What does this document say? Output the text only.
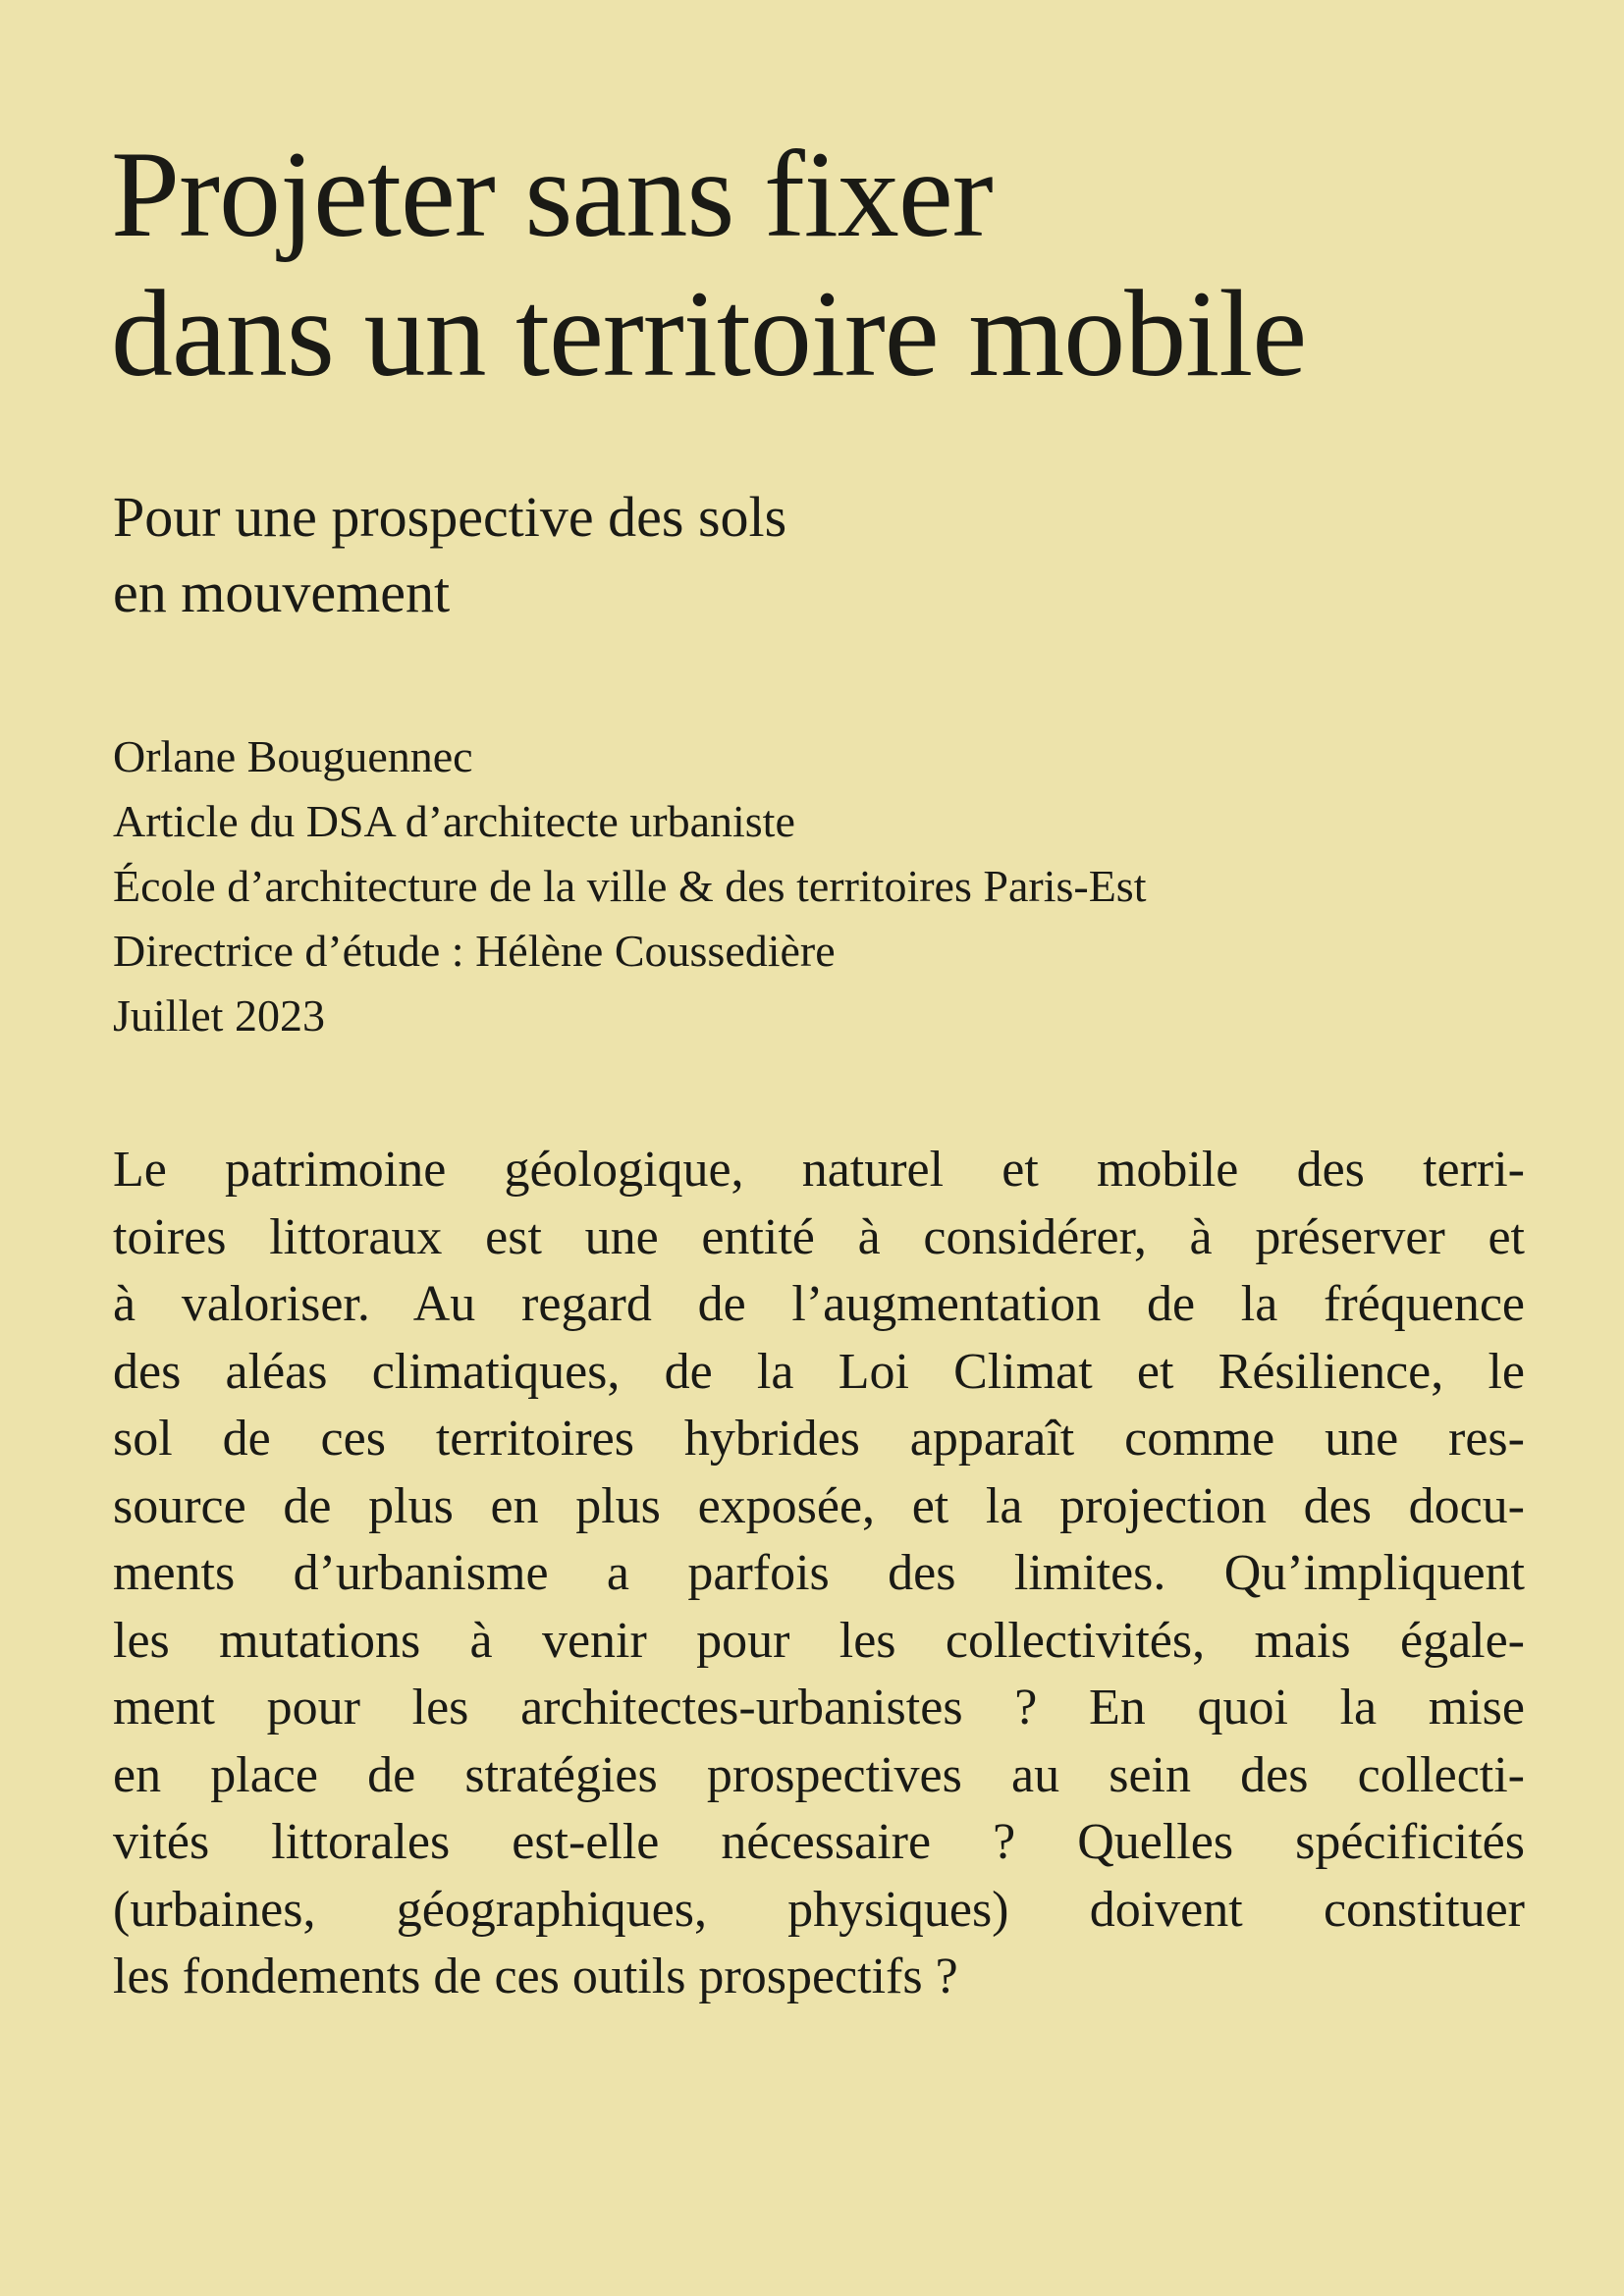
Projeter sans fixer
dans un territoire mobile
Pour une prospective des sols
en mouvement
Orlane Bouguennec
Article du DSA d’architecte urbaniste
École d’architecture de la ville & des territoires Paris-Est
Directrice d’étude : Hélène Coussedière
Juillet 2023
Le patrimoine géologique, naturel et mobile des terri-
toires littoraux est une entité à considérer, à préserver et
à valoriser. Au regard de l’augmentation de la fréquence
des aléas climatiques, de la Loi Climat et Résilience, le
sol de ces territoires hybrides apparaît comme une res-
source de plus en plus exposée, et la projection des docu-
ments d’urbanisme a parfois des limites. Qu’impliquent
les mutations à venir pour les collectivités, mais égale-
ment pour les architectes-urbanistes ? En quoi la mise
en place de stratégies prospectives au sein des collecti-
vités littorales est-elle nécessaire ? Quelles spécificités
(urbaines, géographiques, physiques) doivent constituer
les fondements de ces outils prospectifs ?
